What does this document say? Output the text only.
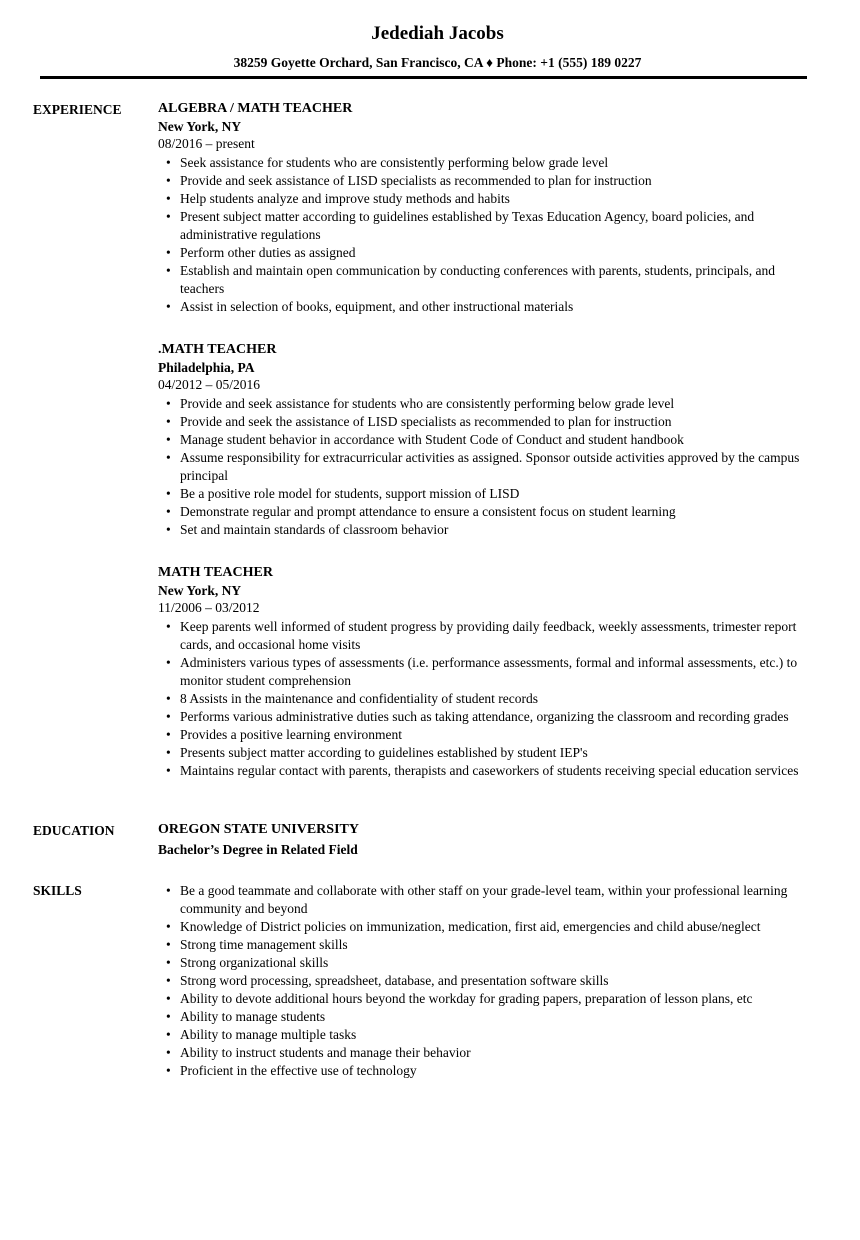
Jedediah Jacobs
38259 Goyette Orchard, San Francisco, CA ♦ Phone: +1 (555) 189 0227
EXPERIENCE	ALGEBRA / MATH TEACHER
New York, NY
08/2016 – present
• Seek assistance for students who are consistently performing below grade level
• Provide and seek assistance of LISD specialists as recommended to plan for instruction
• Help students analyze and improve study methods and habits
• Present subject matter according to guidelines established by Texas Education Agency, board policies, and administrative regulations
• Perform other duties as assigned
• Establish and maintain open communication by conducting conferences with parents, students, principals, and teachers
• Assist in selection of books, equipment, and other instructional materials
.MATH TEACHER
Philadelphia, PA
04/2012 – 05/2016
• Provide and seek assistance for students who are consistently performing below grade level
• Provide and seek the assistance of LISD specialists as recommended to plan for instruction
• Manage student behavior in accordance with Student Code of Conduct and student handbook
• Assume responsibility for extracurricular activities as assigned. Sponsor outside activities approved by the campus principal
• Be a positive role model for students, support mission of LISD
• Demonstrate regular and prompt attendance to ensure a consistent focus on student learning
• Set and maintain standards of classroom behavior
MATH TEACHER
New York, NY
11/2006 – 03/2012
• Keep parents well informed of student progress by providing daily feedback, weekly assessments, trimester report cards, and occasional home visits
• Administers various types of assessments (i.e. performance assessments, formal and informal assessments, etc.) to monitor student comprehension
• 8 Assists in the maintenance and confidentiality of student records
• Performs various administrative duties such as taking attendance, organizing the classroom and recording grades
• Provides a positive learning environment
• Presents subject matter according to guidelines established by student IEP's
• Maintains regular contact with parents, therapists and caseworkers of students receiving special education services
EDUCATION	OREGON STATE UNIVERSITY
Bachelor’s Degree in Related Field
SKILLS	• Be a good teammate and collaborate with other staff on your grade-level team, within your professional learning community and beyond
• Knowledge of District policies on immunization, medication, first aid, emergencies and child abuse/neglect
• Strong time management skills
• Strong organizational skills
• Strong word processing, spreadsheet, database, and presentation software skills
• Ability to devote additional hours beyond the workday for grading papers, preparation of lesson plans, etc
• Ability to manage students
• Ability to manage multiple tasks
• Ability to instruct students and manage their behavior
• Proficient in the effective use of technology
